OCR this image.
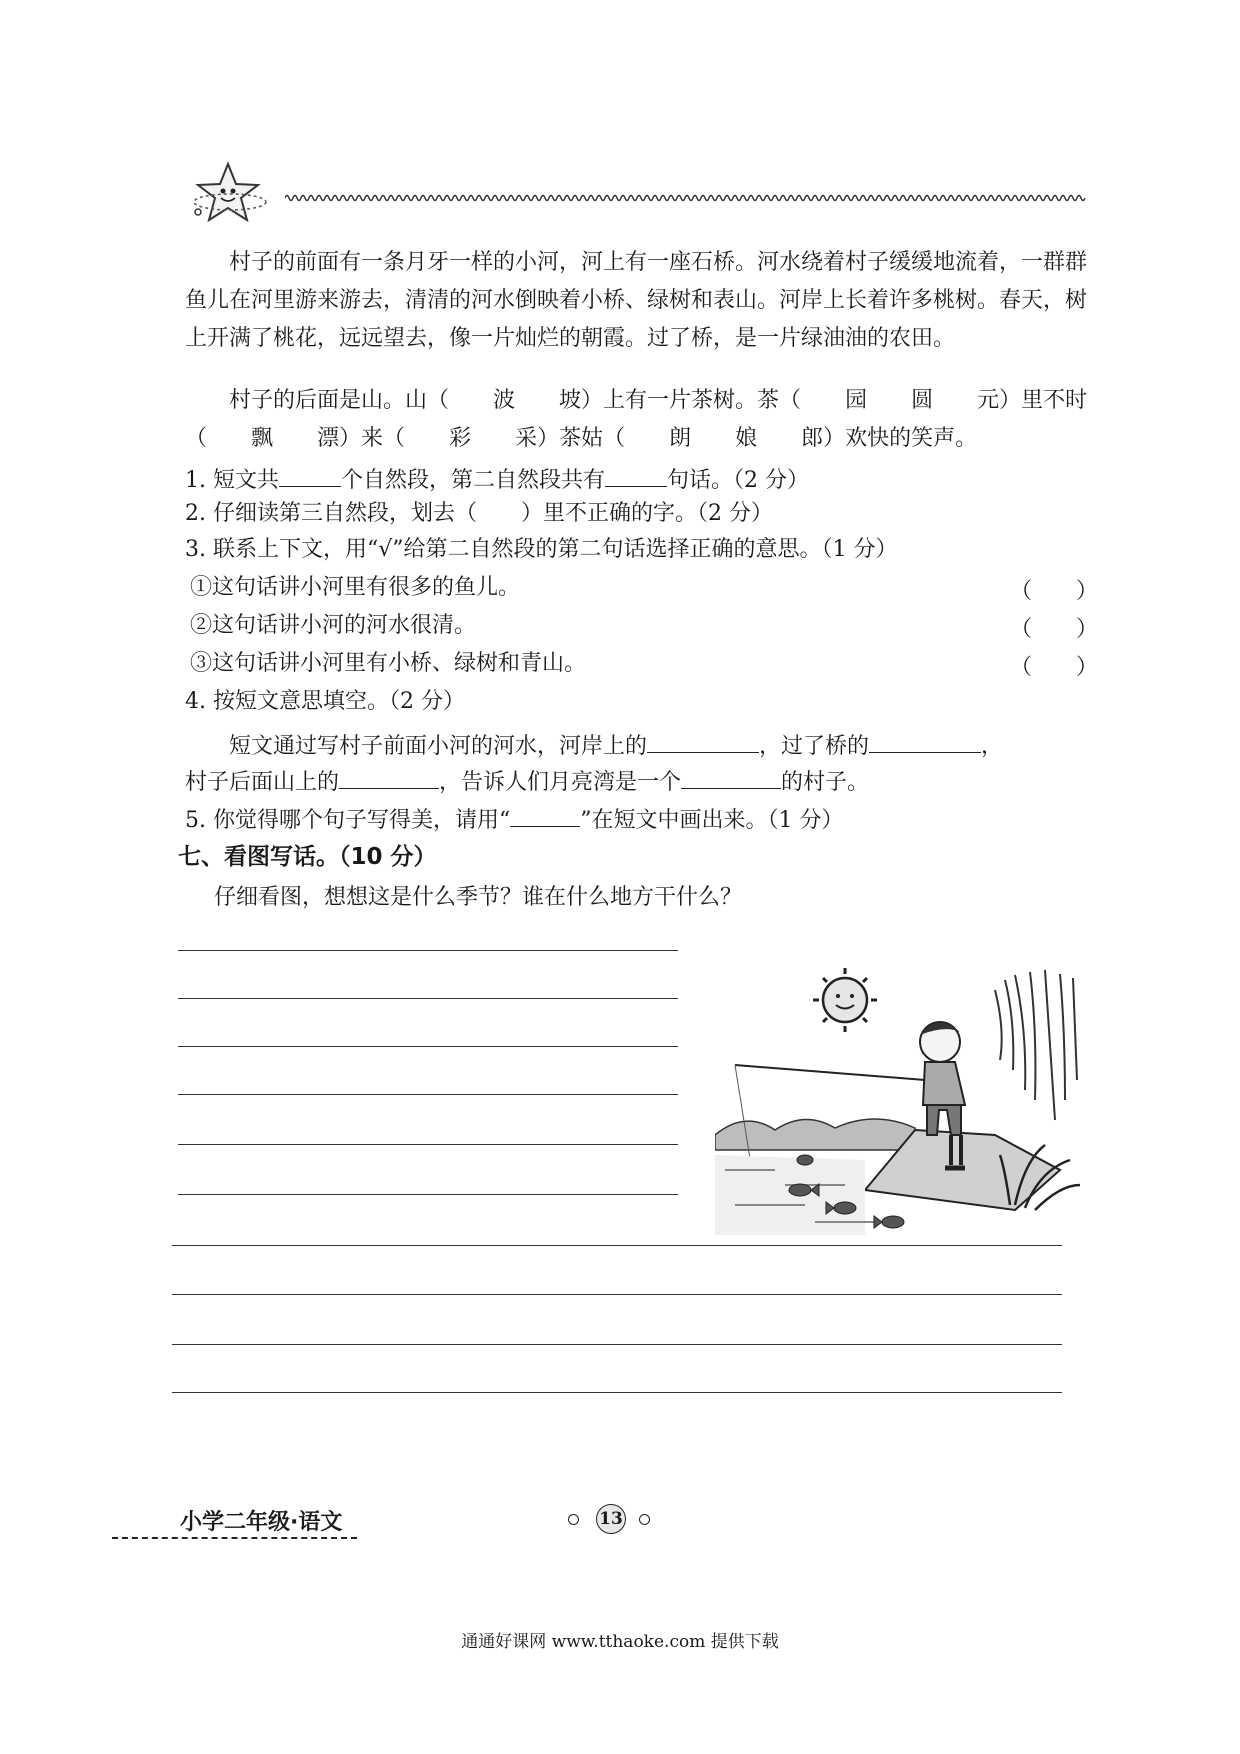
村子的前面有一条月牙一样的小河，河上有一座石桥。河水绕着村子缓缓地流着，一群群鱼儿在河里游来游去，清清的河水倒映着小桥、绿树和表山。河岸上长着许多桃树。春天，树上开满了桃花，远远望去，像一片灿烂的朝霞。过了桥，是一片绿油油的农田。
村子的后面是山。山（ 波 坡）上有一片茶树。茶（ 园 圆 元）里不时（ 飘 漂）来（ 彩 采）茶姑（ 朗 娘 郎）欢快的笑声。
1. 短文共	个自然段，第二自然段共有	句话。（2 分）
2. 仔细读第三自然段，划去（　　）里不正确的字。（2 分）
3. 联系上下文，用“√”给第二自然段的第二句话选择正确的意思。（1 分）
①这句话讲小河里有很多的鱼儿。	（　　）
②这句话讲小河的河水很清。	（　　）
③这句话讲小河里有小桥、绿树和青山。	（　　）
4. 按短文意思填空。（2 分）
短文通过写村子前面小河的河水，河岸上的	，过了桥的	，
村子后面山上的	，告诉人们月亮湾是一个	的村子。
5. 你觉得哪个句子写得美，请用“	”在短文中画出来。（1 分）
七、看图写话。（10 分）
仔细看图，想想这是什么季节？谁在什么地方干什么？
小学二年级·语文	13
通通好课网 www.tthaoke.com 提供下载
